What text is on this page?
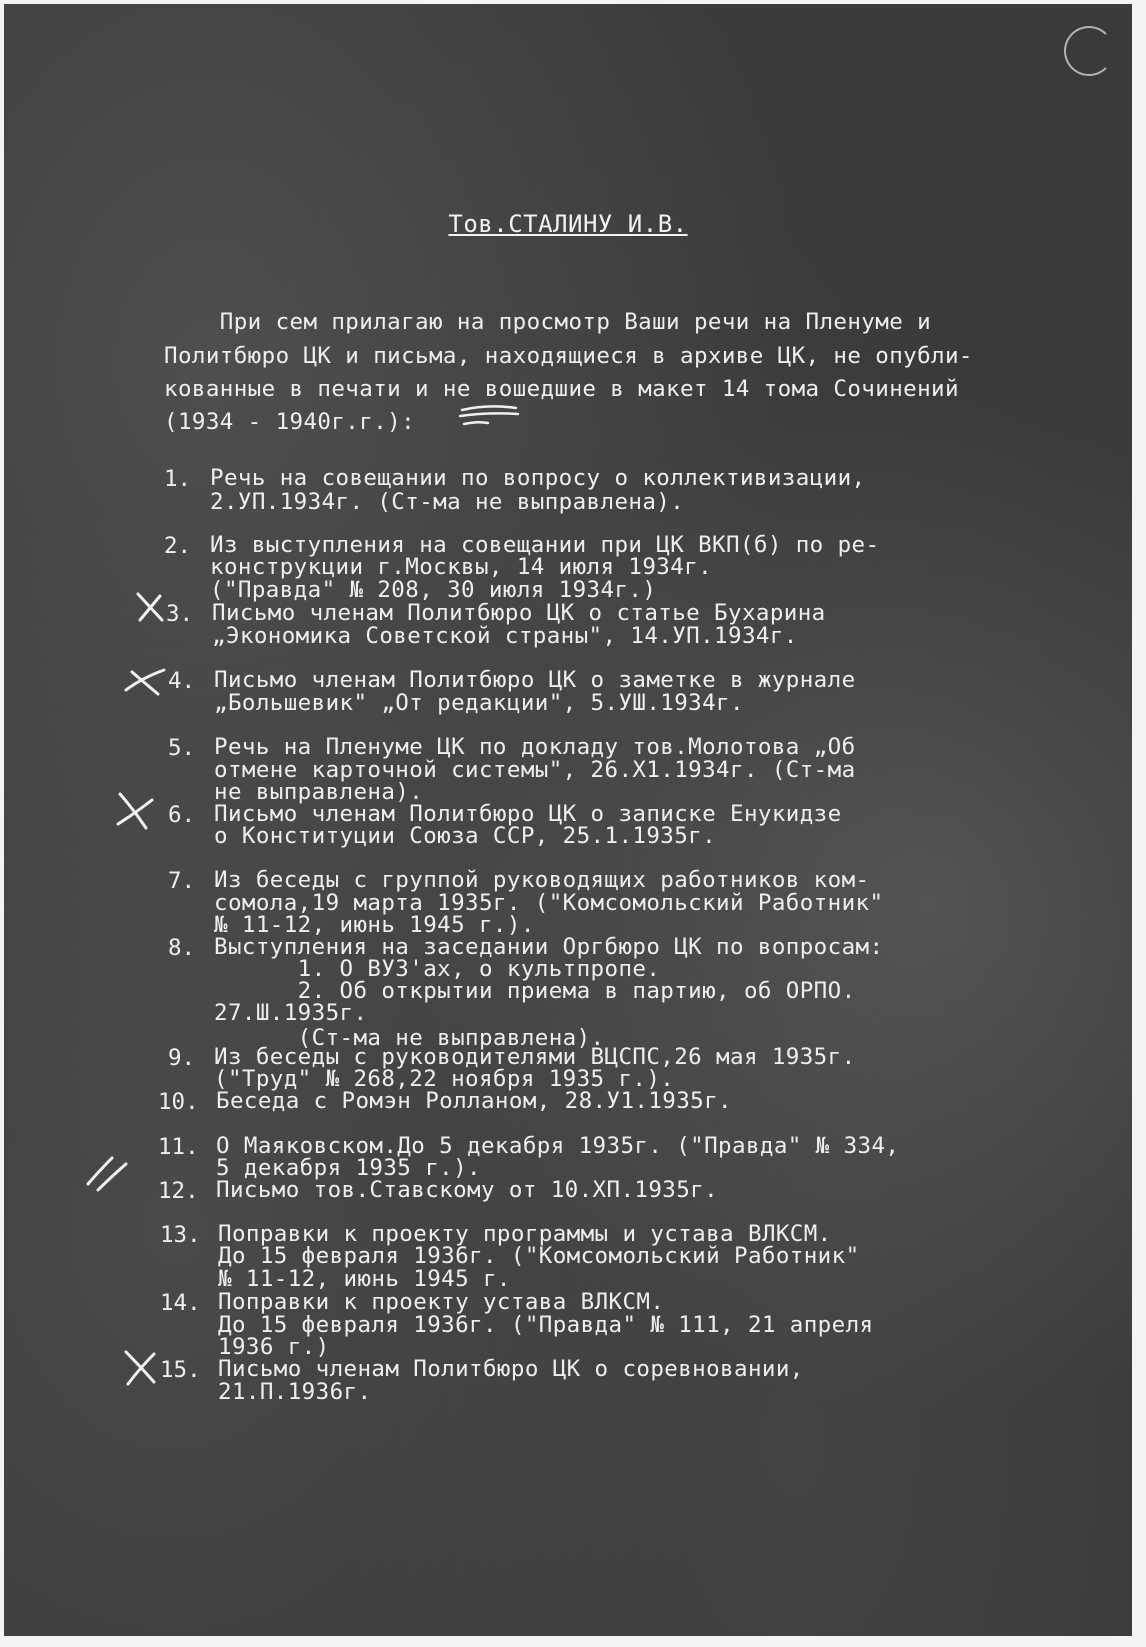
Тов.СТАЛИНУ И.В.
При сем прилагаю на просмотр Ваши речи на Пленуме и
Политбюро ЦК и письма, находящиеся в архиве ЦК, не опубли-
кованные в печати и не вошедшие в макет 14 тома Сочинений
(1934 - 1940г.г.):
1. Речь на совещании по вопросу о коллективизации,
2.УП.1934г. (Ст-ма не выправлена).
2. Из выступления на совещании при ЦК ВКП(б) по ре-
конструкции г.Москвы, 14 июля 1934г.
("Правда" № 208, 30 июля 1934г.)
3. Письмо членам Политбюро ЦК о статье Бухарина
„Экономика Советской страны", 14.УП.1934г.
4. Письмо членам Политбюро ЦК о заметке в журнале
„Большевик" „От редакции", 5.УШ.1934г.
5. Речь на Пленуме ЦК по докладу тов.Молотова „Об
отмене карточной системы", 26.Х1.1934г. (Ст-ма
не выправлена).
6. Письмо членам Политбюро ЦК о записке Енукидзе
о Конституции Союза ССР, 25.1.1935г.
7. Из беседы с группой руководящих работников ком-
сомола,19 марта 1935г. ("Комсомольский Работник"
№ 11-12, июнь 1945 г.).
8. Выступления на заседании Оргбюро ЦК по вопросам:
1. О ВУЗ'ах, о культпропе.
2. Об открытии приема в партию, об ОРПО.
27.Ш.1935г.
(Ст-ма не выправлена).
9. Из беседы с руководителями ВЦСПС,26 мая 1935г.
("Труд" № 268,22 ноября 1935 г.).
10. Беседа с Ромэн Ролланом, 28.У1.1935г.
11. О Маяковском.До 5 декабря 1935г. ("Правда" № 334,
5 декабря 1935 г.).
12. Письмо тов.Ставскому от 10.ХП.1935г.
13. Поправки к проекту программы и устава ВЛКСМ.
До 15 февраля 1936г. ("Комсомольский Работник"
№ 11-12, июнь 1945 г.
14. Поправки к проекту устава ВЛКСМ.
До 15 февраля 1936г. ("Правда" № 111, 21 апреля
1936 г.)
15. Письмо членам Политбюро ЦК о соревновании,
21.П.1936г.
